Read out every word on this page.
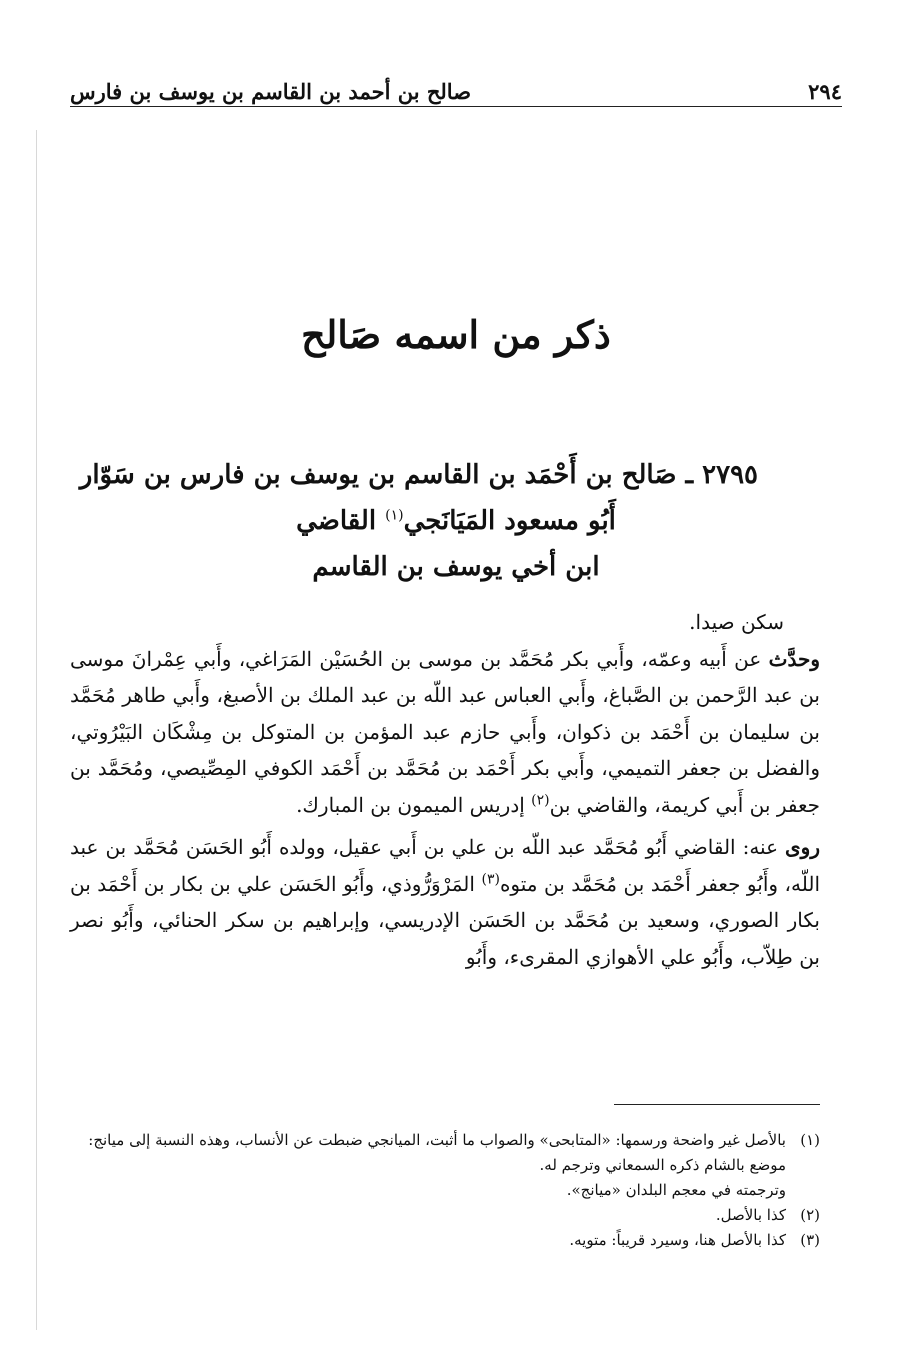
٢٩٤
صالح بن أحمد بن القاسم بن يوسف بن فارس
ذكر من اسمه صَالح
٢٧٩٥ ـ صَالح بن أَحْمَد بن القاسم بن يوسف بن فارس بن سَوّار
أَبُو مسعود المَيَانَجي$^{(١)}$ القاضي
ابن أخي يوسف بن القاسم

سكن صيدا.

وحدَّث عن أَبيه وعمّه، وأَبي بكر مُحَمَّد بن موسى بن الحُسَيْن المَرَاغي، وأَبي عِمْرانَ موسى بن عبد الرَّحمن بن الصَّباغ، وأَبي العباس عبد اللّه بن عبد الملك بن الأصبغ، وأَبي طاهر مُحَمَّد بن سليمان بن أَحْمَد بن ذكوان، وأَبي حازم عبد المؤمن بن المتوكل بن مِشْكَان البَيْرُوتي، والفضل بن جعفر التميمي، وأَبي بكر أَحْمَد بن مُحَمَّد بن أَحْمَد الكوفي المِصِّيصي، ومُحَمَّد بن جعفر بن أَبي كريمة، والقاضي بن$^{(٢)}$ إدريس الميمون بن المبارك.

روى عنه: القاضي أَبُو مُحَمَّد عبد اللّه بن علي بن أَبي عقيل، وولده أَبُو الحَسَن مُحَمَّد بن عبد اللّه، وأَبُو جعفر أَحْمَد بن مُحَمَّد بن متوه$^{(٣)}$ المَرْوَرُّوذي، وأَبُو الحَسَن علي بن بكار بن أَحْمَد بن بكار الصوري، وسعيد بن مُحَمَّد بن الحَسَن الإدريسي، وإبراهيم بن سكر الحنائي، وأَبُو نصر بن طِلاّب، وأَبُو علي الأهوازي المقرىء، وأَبُو

(١)
بالأصل غير واضحة ورسمها: «المتابحى» والصواب ما أثبت، الميانجي ضبطت عن الأنساب، وهذه النسبة إلى ميانج: موضع بالشام ذكره السمعاني وترجم له.
وترجمته في معجم البلدان «ميانج».
(٢)
كذا بالأصل.
(٣)
كذا بالأصل هنا، وسيرد قريباً: متويه.
